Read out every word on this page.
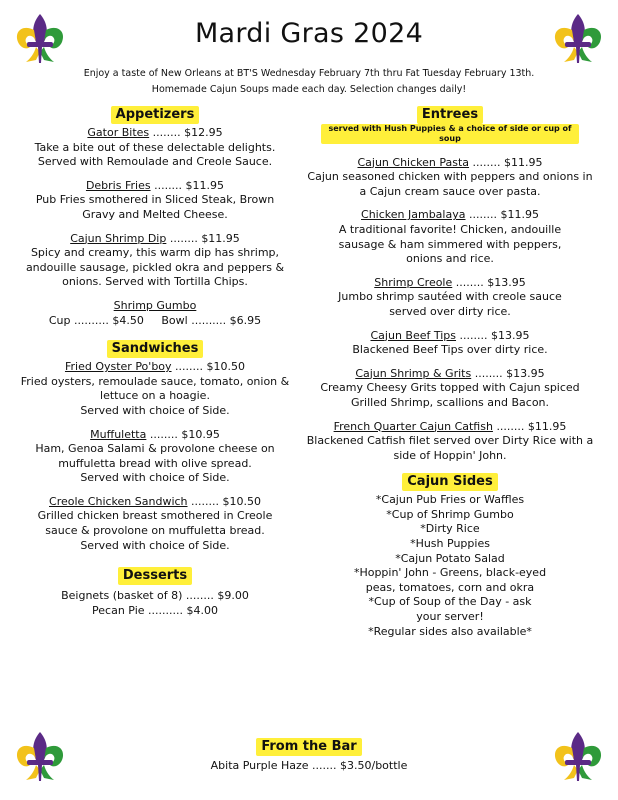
Mardi Gras 2024
Enjoy a taste of New Orleans at BT'S Wednesday February 7th thru Fat Tuesday February 13th.
Homemade Cajun Soups made each day. Selection changes daily!
Appetizers
Gator Bites ........ $12.95
Take a bite out of these delectable delights. Served with Remoulade and Creole Sauce.
Debris Fries ........ $11.95
Pub Fries smothered in Sliced Steak, Brown Gravy and Melted Cheese.
Cajun Shrimp Dip ........ $11.95
Spicy and creamy, this warm dip has shrimp, andouille sausage, pickled okra and peppers & onions. Served with Tortilla Chips.
Shrimp Gumbo
Cup .......... $4.50     Bowl .......... $6.95
Sandwiches
Fried Oyster Po'boy ........ $10.50
Fried oysters, remoulade sauce, tomato, onion & lettuce on a hoagie.
Served with choice of Side.
Muffuletta ........ $10.95
Ham, Genoa Salami & provolone cheese on muffuletta bread with olive spread.
Served with choice of Side.
Creole Chicken Sandwich ........ $10.50
Grilled chicken breast smothered in Creole sauce & provolone on muffuletta bread.
Served with choice of Side.
Desserts
Beignets (basket of 8) ........ $9.00
Pecan Pie .......... $4.00
Entrees
served with Hush Puppies & a choice of side or cup of soup
Cajun Chicken Pasta ........ $11.95
Cajun seasoned chicken with peppers and onions in a Cajun cream sauce over pasta.
Chicken Jambalaya ........ $11.95
A traditional favorite! Chicken, andouille sausage & ham simmered with peppers, onions and rice.
Shrimp Creole ........ $13.95
Jumbo shrimp sautéed with creole sauce served over dirty rice.
Cajun Beef Tips ........ $13.95
Blackened Beef Tips over dirty rice.
Cajun Shrimp & Grits ........ $13.95
Creamy Cheesy Grits topped with Cajun spiced Grilled Shrimp, scallions and Bacon.
French Quarter Cajun Catfish ........ $11.95
Blackened Catfish filet served over Dirty Rice with a side of Hoppin' John.
Cajun Sides
*Cajun Pub Fries or Waffles
*Cup of Shrimp Gumbo
*Dirty Rice
*Hush Puppies
*Cajun Potato Salad
*Hoppin' John - Greens, black-eyed peas, tomatoes, corn and okra
*Cup of Soup of the Day - ask your server!
*Regular sides also available*
From the Bar
Abita Purple Haze ....... $3.50/bottle
